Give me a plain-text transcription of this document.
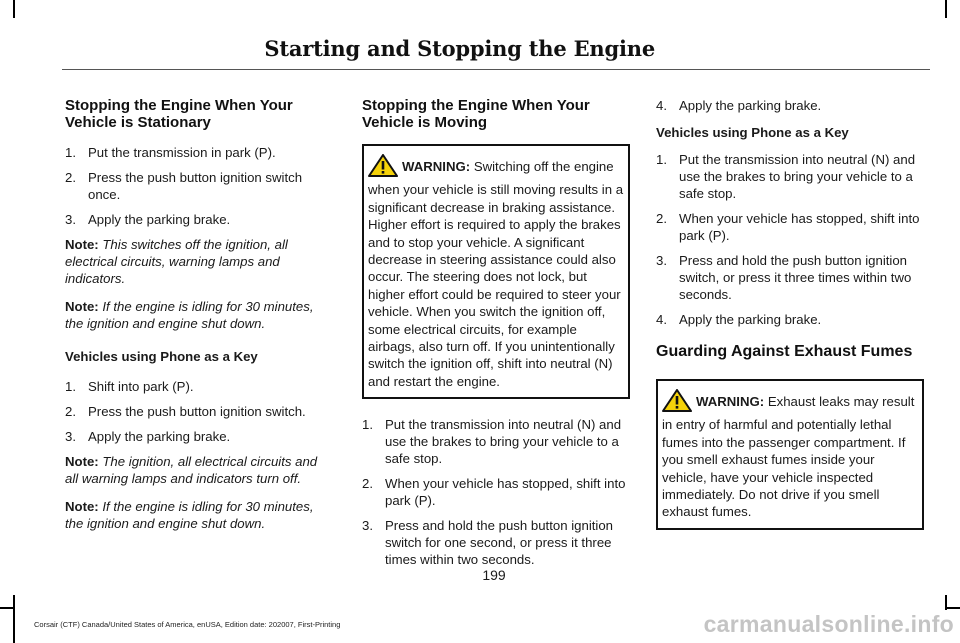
Starting and Stopping the Engine
Stopping the Engine When Your Vehicle is Stationary
1. Put the transmission in park (P).
2. Press the push button ignition switch once.
3. Apply the parking brake.

Note: This switches off the ignition, all electrical circuits, warning lamps and indicators.

Note: If the engine is idling for 30 minutes, the ignition and engine shut down.

Vehicles using Phone as a Key
1. Shift into park (P).
2. Press the push button ignition switch.
3. Apply the parking brake.

Note: The ignition, all electrical circuits and all warning lamps and indicators turn off.

Note: If the engine is idling for 30 minutes, the ignition and engine shut down.

Stopping the Engine When Your Vehicle is Moving
WARNING: Switching off the engine when your vehicle is still moving results in a significant decrease in braking assistance. Higher effort is required to apply the brakes and to stop your vehicle. A significant decrease in steering assistance could also occur. The steering does not lock, but higher effort could be required to steer your vehicle. When you switch the ignition off, some electrical circuits, for example airbags, also turn off. If you unintentionally switch the ignition off, shift into neutral (N) and restart the engine.
1. Put the transmission into neutral (N) and use the brakes to bring your vehicle to a safe stop.
2. When your vehicle has stopped, shift into park (P).
3. Press and hold the push button ignition switch for one second, or press it three times within two seconds.
4. Apply the parking brake.
Vehicles using Phone as a Key
1. Put the transmission into neutral (N) and use the brakes to bring your vehicle to a safe stop.
2. When your vehicle has stopped, shift into park (P).
3. Press and hold the push button ignition switch, or press it three times within two seconds.
4. Apply the parking brake.
Guarding Against Exhaust Fumes
WARNING: Exhaust leaks may result in entry of harmful and potentially lethal fumes into the passenger compartment. If you smell exhaust fumes inside your vehicle, have your vehicle inspected immediately. Do not drive if you smell exhaust fumes.
199
Corsair (CTF) Canada/United States of America, enUSA, Edition date: 202007, First-Printing	carmanualsonline.info
